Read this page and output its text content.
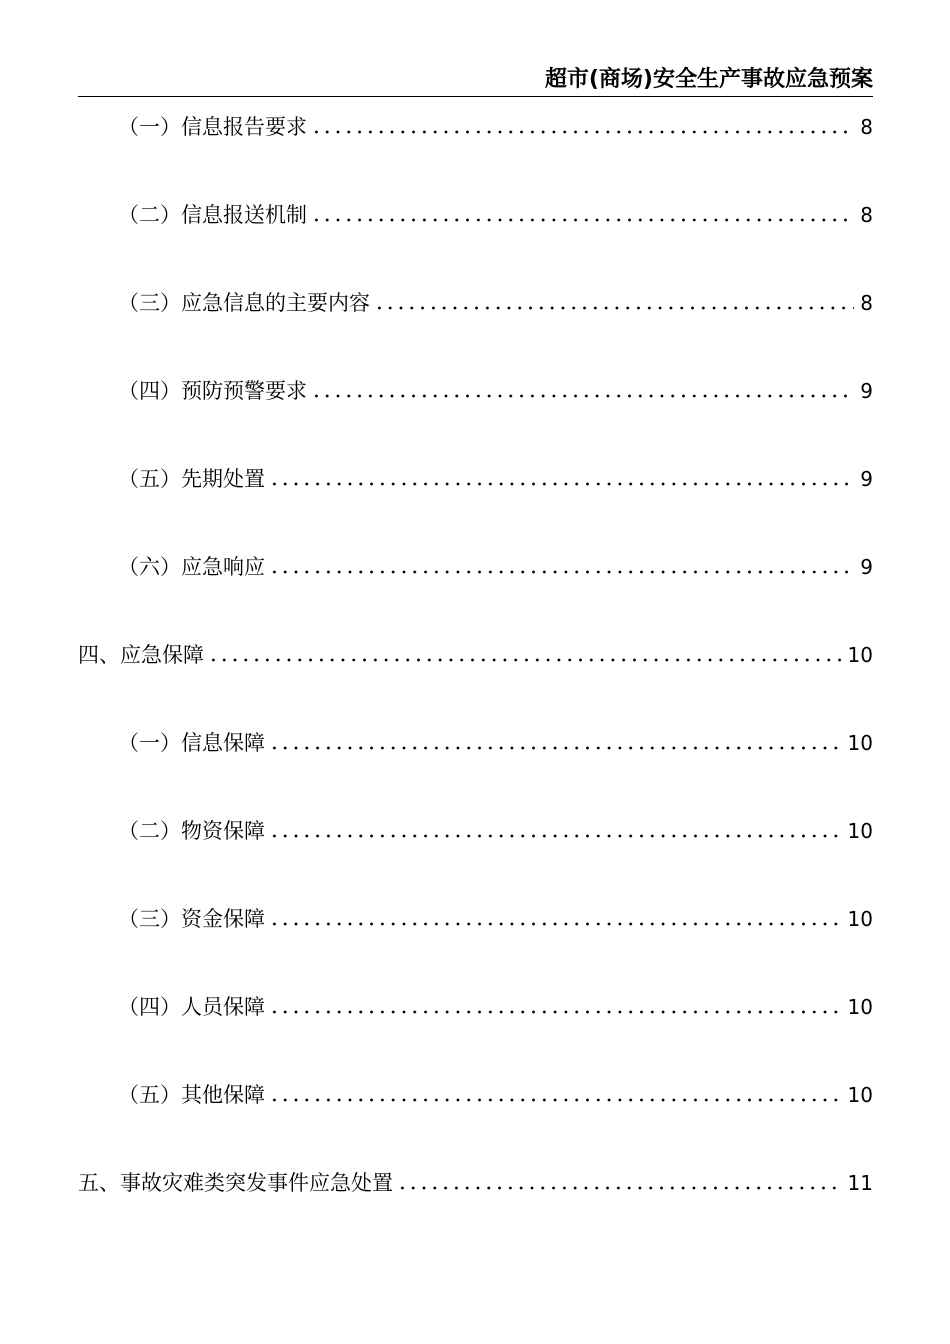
超市(商场)安全生产事故应急预案
（一）信息报告要求	8
（二）信息报送机制	8
（三）应急信息的主要内容	8
（四）预防预警要求	9
（五）先期处置	9
（六）应急响应	9
四、应急保障	10
（一）信息保障	10
（二）物资保障	10
（三）资金保障	10
（四）人员保障	10
（五）其他保障	10
五、事故灾难类突发事件应急处置	11
